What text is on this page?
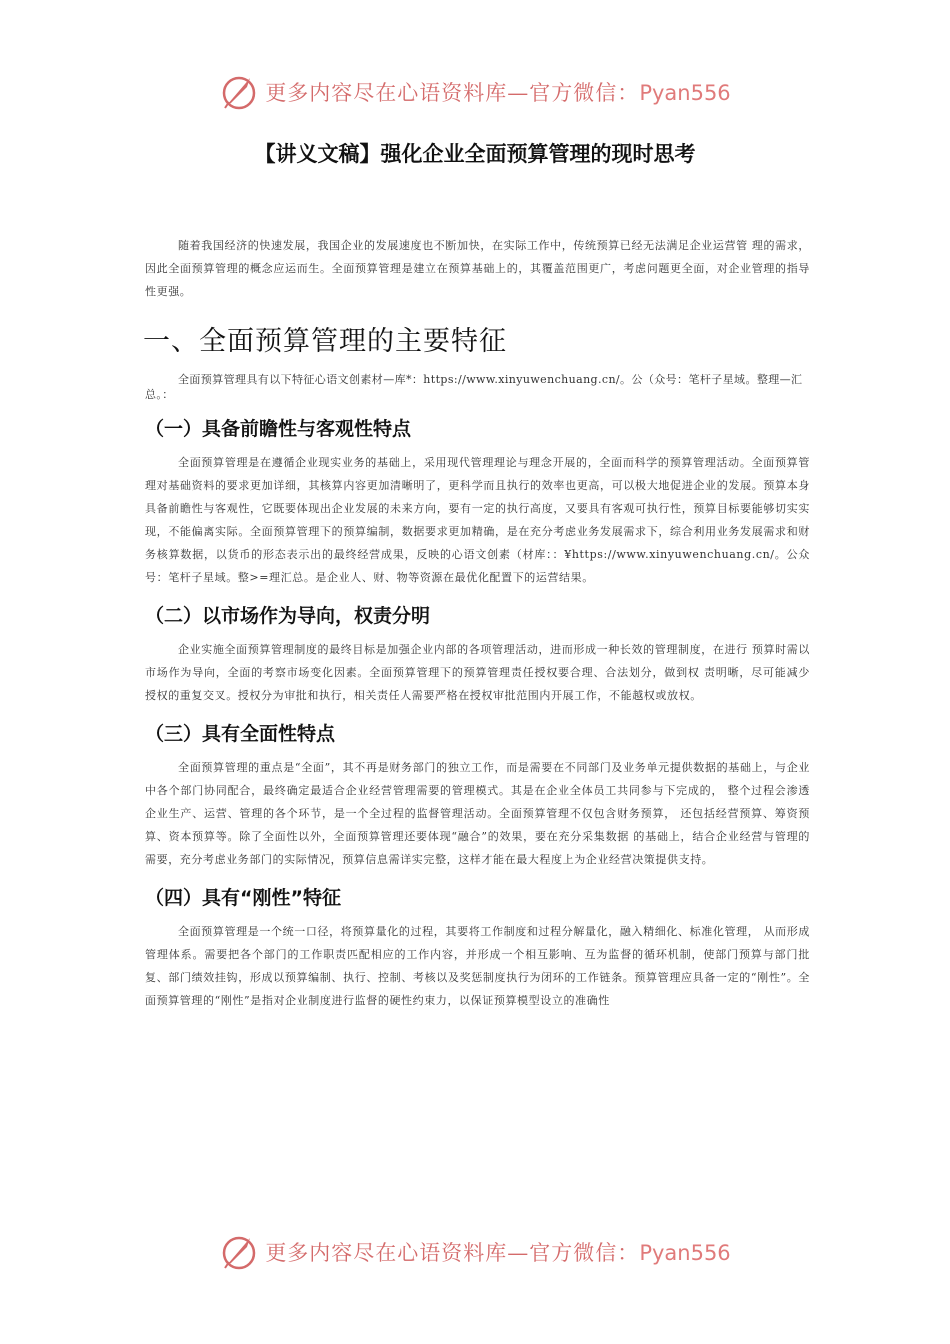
更多内容尽在心语资料库—官方微信：Pyan556
【讲义文稿】强化企业全面预算管理的现时思考

随着我国经济的快速发展，我国企业的发展速度也不断加快，在实际工作中，传统预算已经无法满足企业运营管 理的需求，因此全面预算管理的概念应运而生。全面预算管理是建立在预算基础上的，其覆盖范围更广，考虑问题更全面，对企业管理的指导性更强。

一、全面预算管理的主要特征

全面预算管理具有以下特征心语文创素材—库*：https://www.xinyuwenchuang.cn/。公（众号：笔杆子星域。整理—汇总。：

（一）具备前瞻性与客观性特点

全面预算管理是在遵循企业现实业务的基础上，采用现代管理理论与理念开展的，全面而科学的预算管理活动。全面预算管理对基础资料的要求更加详细，其核算内容更加清晰明了，更科学而且执行的效率也更高，可以极大地促进企业的发展。预算本身具备前瞻性与客观性，它既要体现出企业发展的未来方向，要有一定的执行高度，又要具有客观可执行性，预算目标要能够切实实现，不能偏离实际。全面预算管理下的预算编制，数据要求更加精确，是在充分考虑业务发展需求下，综合利用业务发展需求和财务核算数据，以货币的形态表示出的最终经营成果，反映的心语文创素（材库：：¥https://www.xinyuwenchuang.cn/。公众号：笔杆子星域。整>=理汇总。是企业人、财、物等资源在最优化配置下的运营结果。

（二）以市场作为导向，权责分明

企业实施全面预算管理制度的最终目标是加强企业内部的各项管理活动，进而形成一种长效的管理制度，在进行 预算时需以市场作为导向，全面的考察市场变化因素。全面预算管理下的预算管理责任授权要合理、合法划分，做到权 责明晰，尽可能减少授权的重复交叉。授权分为审批和执行，相关责任人需要严格在授权审批范围内开展工作，不能越权或放权。

（三）具有全面性特点

全面预算管理的重点是“全面”，其不再是财务部门的独立工作，而是需要在不同部门及业务单元提供数据的基础上，与企业中各个部门协同配合，最终确定最适合企业经营管理需要的管理模式。其是在企业全体员工共同参与下完成的， 整个过程会渗透企业生产、运营、管理的各个环节，是一个全过程的监督管理活动。全面预算管理不仅包含财务预算， 还包括经营预算、筹资预算、资本预算等。除了全面性以外，全面预算管理还要体现“融合”的效果，要在充分采集数据 的基础上，结合企业经营与管理的需要，充分考虑业务部门的实际情况，预算信息需详实完整，这样才能在最大程度上为企业经营决策提供支持。

（四）具有“刚性”特征

全面预算管理是一个统一口径，将预算量化的过程，其要将工作制度和过程分解量化，融入精细化、标准化管理， 从而形成管理体系。需要把各个部门的工作职责匹配相应的工作内容，并形成一个相互影响、互为监督的循环机制，使部门预算与部门批复、部门绩效挂钩，形成以预算编制、执行、控制、考核以及奖惩制度执行为闭环的工作链条。预算管理应具备一定的“刚性”。全面预算管理的“刚性”是指对企业制度进行监督的硬性约束力，以保证预算模型设立的准确性

更多内容尽在心语资料库—官方微信：Pyan556
